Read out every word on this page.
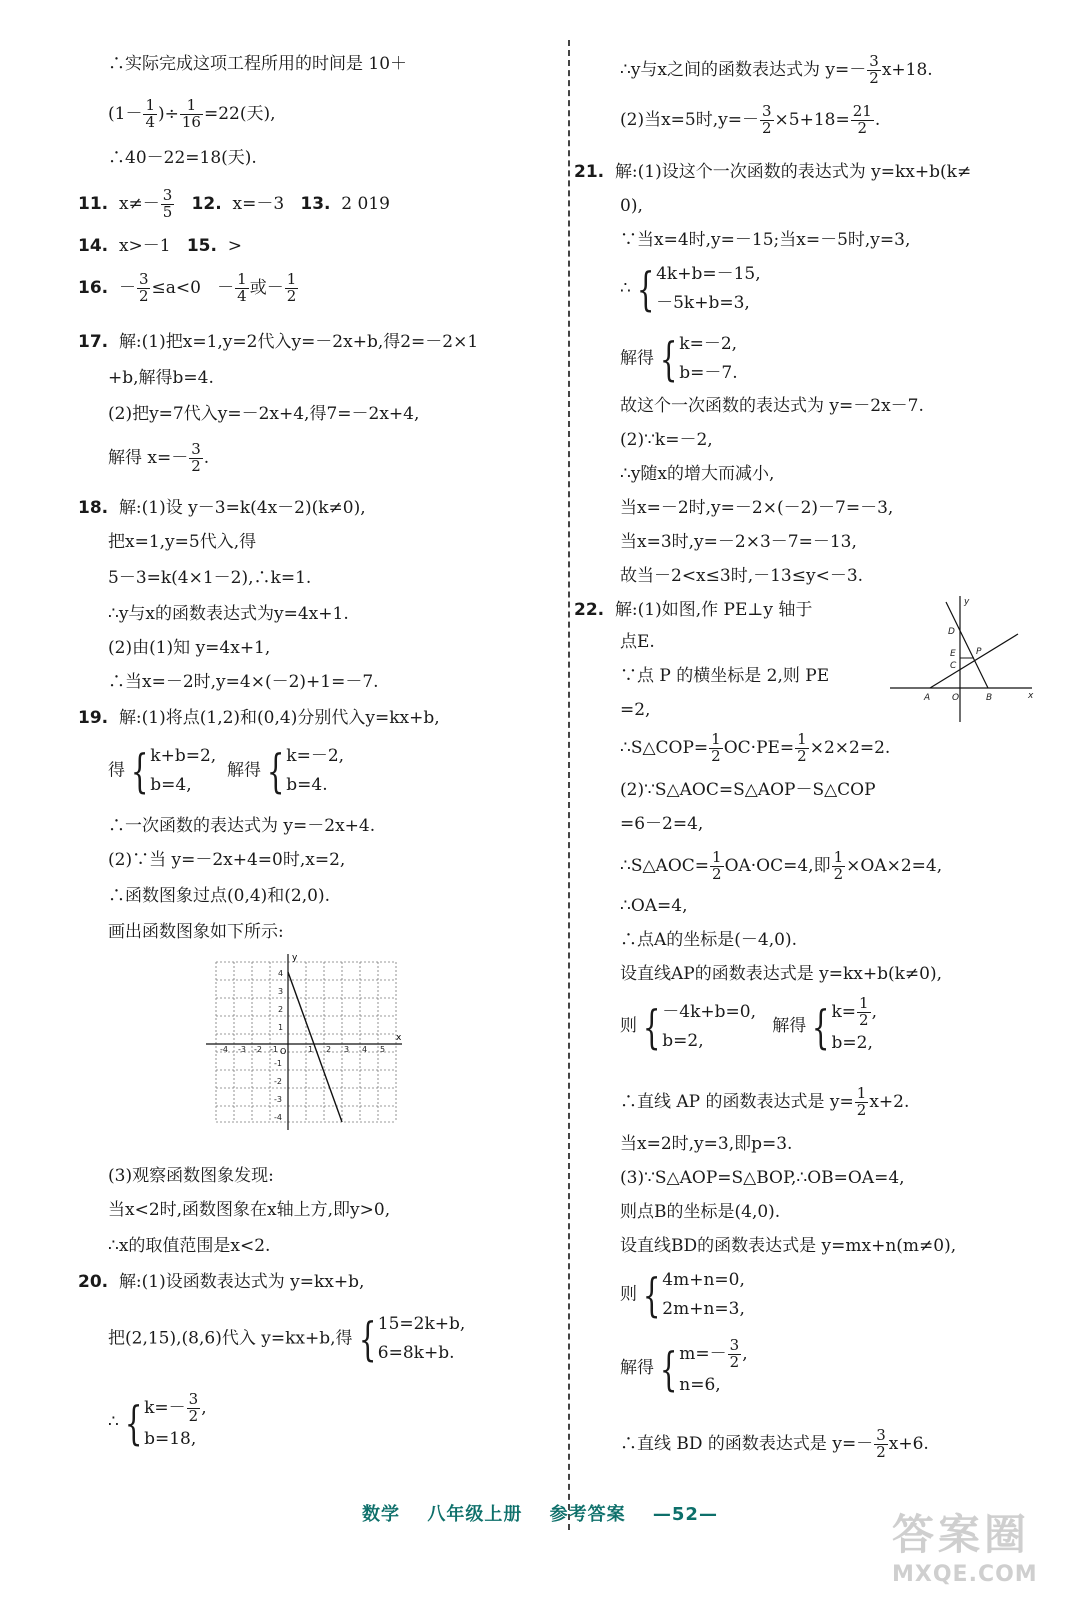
∴实际完成这项工程所用的时间是 10＋
($1- \frac{1}{4}$ )÷ $\frac{1}{16} =22$(天),
∴40－22=18(天).
11. $x\ne- \frac{3}{5} 12$. x=－3 13. 2 019
14. x>－1 15. >
16. － $\frac{3}{2} \le a<0 - \frac{1}{4}$ 或－ $\frac{1}{2}$
17. 解:(1)把x=1,y=2代入y=－2x+b,得2=－2×1
+b,解得b=4.
(2)把y=7代入y=－2x+4,得7=－2x+4,
解得 $x=- \frac{3}{2}$ .
18. 解:(1)设 y－3=k(4x－2)(k≠0),
把x=1,y=5代入,得
5－3=k(4×1－2),∴k=1.
∴y与x的函数表达式为y=4x+1.
(2)由(1)知 y=4x+1,
∴当x=－2时,y=4×(－2)+1=－7.
19. 解:(1)将点(1,2)和(0,4)分别代入y=kx+b,
得 { k+b=2,
b=4,
解得 { k=－2,
b=4.
∴一次函数的表达式为 y=－2x+4.
(2)∵当 y=－2x+4=0时,x=2,
∴函数图象过点(0,4)和(2,0).
画出函数图象如下所示:
x
y
O
-4 -3 -2 -1	1 2 3 4 5
4
3
2
1
-1
-2
-3
-4
(3)观察函数图象发现:
当x<2时,函数图象在x轴上方,即y>0,
∴x的取值范围是x<2.
20. 解:(1)设函数表达式为 y=kx+b,
把(2,15),(8,6)代入 y=kx+b,得 { 15=2k+b,
6=8k+b.
∴ { $k=- \frac{3}{2}$ ,
b=18,
∴y与x之间的函数表达式为 $y=- \frac{3}{2} x+18$.
(2)当x=5时$,y=- \frac{3}{2} \times 5+18= \frac{21}{2}$ .
21. 解:(1)设这个一次函数的表达式为 y=kx+b(k≠
0),
∵当x=4时,y=－15;当x=－5时,y=3,
∴ { 4k+b=－15,
－5k+b=3,
解得 { k=－2,
b=－7.
故这个一次函数的表达式为 y=－2x－7.
(2)∵k=－2,
∴y随x的增大而减小,
当x=－2时,y=－2×(－2)－7=－3,
当x=3时,y=－2×3－7=－13,
故当－2<x≤3时,－13≤y<－3.
22. 解:(1)如图,作 PE⊥y 轴于
点E.
∵点 P 的横坐标是 2,则 PE
=2,
D
P
E
C
A O	B	x
y
∴S△COP= $\frac{1}{2} OC\cdot PE= \frac{1}{2} \times 2\times 2=2$.
(2)∵S△AOC=S△AOP－S△COP
=6－2=4,
∴S△AOC= $\frac{1}{2} OA\cdot OC=4$,即 $\frac{1}{2} \times OA\times 2=4$,
∴OA=4,
∴点A的坐标是(－4,0).
设直线AP的函数表达式是 y=kx+b(k≠0),
则 { －4k+b=0,
b=2,
解得 { $k= \frac{1}{2}$ ,
b=2,
∴直线 AP 的函数表达式是 $y= \frac{1}{2} x+2$.
当x=2时,y=3,即p=3.
(3)∵S△AOP=S△BOP,∴OB=OA=4,
则点B的坐标是(4,0).
设直线BD的函数表达式是 y=mx+n(m≠0),
则 { 4m+n=0,
2m+n=3,
解得 { $m=- \frac{3}{2}$ ,
n=6,
∴直线 BD 的函数表达式是 $y=- \frac{3}{2} x+6$.
数学 八年级上册 参考答案 —52—	答案圈
MXQE.COM
